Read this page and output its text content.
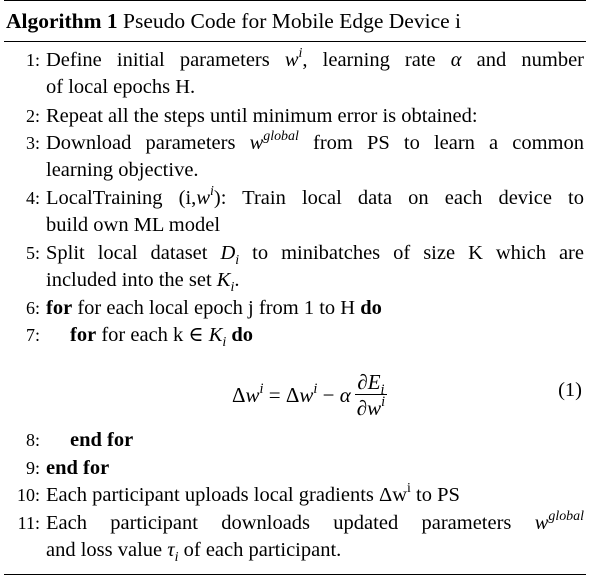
Algorithm 1 Pseudo Code for Mobile Edge Device i
1: Define initial parameters $w^i$, learning rate α and number
of local epochs H.
2: Repeat all the steps until minimum error is obtained:
3: Download parameters $w^{global}$ from PS to learn a common
learning objective.
4: LocalTraining $(i,w^i)$: Train local data on each device to
build own ML model
5: Split local dataset $D_i$ to minibatches of size K which are
included into the set $K_i$.
6: for for each local epoch j from 1 to H do
7: for for each k ∈ $K_i$ do
$\Delta w^i = \Delta w^i - \alpha \frac{\partial E_i}{\partial w^i}$	(1)
8: end for
9: end for
10: Each participant uploads local gradients $\Delta w^i$ to PS
11: Each participant downloads updated parameters $w^{global}$
and loss value $\tau_i$ of each participant.
